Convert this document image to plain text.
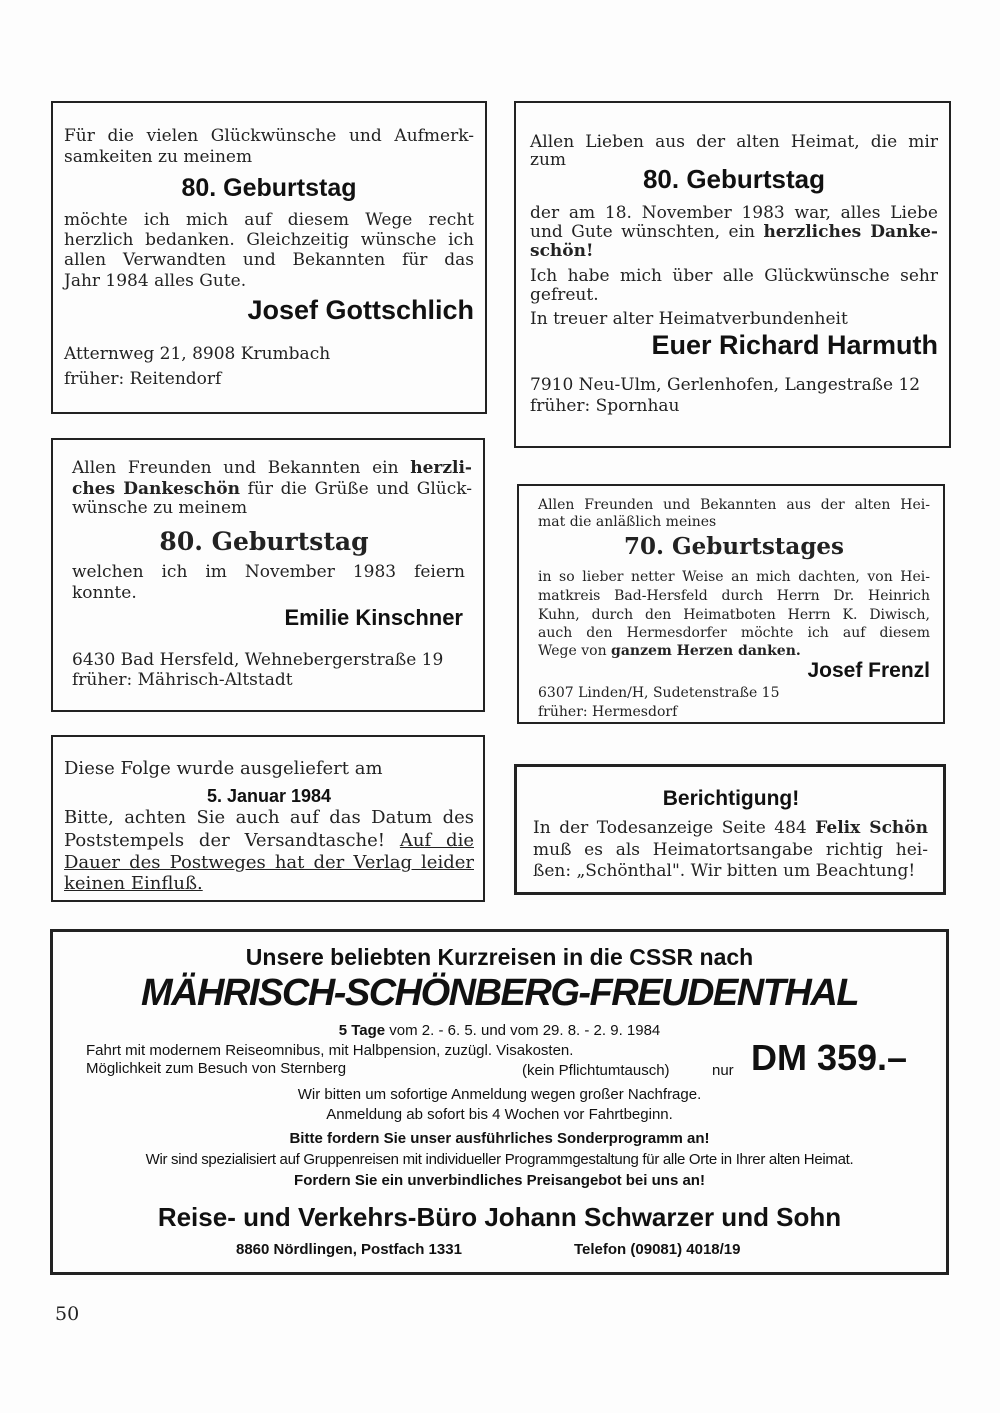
Für die vielen Glückwünsche und Aufmerk-
samkeiten zu meinem
80. Geburtstag
möchte ich mich auf diesem Wege recht
herzlich bedanken. Gleichzeitig wünsche ich
allen Verwandten und Bekannten für das
Jahr 1984 alles Gute.
Josef Gottschlich
Atternweg 21, 8908 Krumbach
früher: Reitendorf
Allen Lieben aus der alten Heimat, die mir
zum
80. Geburtstag
der am 18. November 1983 war, alles Liebe
und Gute wünschten, ein herzliches Danke-
schön!
Ich habe mich über alle Glückwünsche sehr
gefreut.
In treuer alter Heimatverbundenheit
Euer Richard Harmuth
7910 Neu-Ulm, Gerlenhofen, Langestraße 12
früher: Spornhau
Allen Freunden und Bekannten ein herzli-
ches Dankeschön für die Grüße und Glück-
wünsche zu meinem
80. Geburtstag
welchen ich im November 1983 feiern
konnte.
Emilie Kinschner
6430 Bad Hersfeld, Wehnebergerstraße 19
früher: Mährisch-Altstadt
Allen Freunden und Bekannten aus der alten Hei-
mat die anläßlich meines
70. Geburtstages
in so lieber netter Weise an mich dachten, von Hei-
matkreis Bad-Hersfeld durch Herrn Dr. Heinrich
Kuhn, durch den Heimatboten Herrn K. Diwisch,
auch den Hermesdorfer möchte ich auf diesem
Wege von ganzem Herzen danken.
Josef Frenzl
6307 Linden/H, Sudetenstraße 15
früher: Hermesdorf
Diese Folge wurde ausgeliefert am
5. Januar 1984
Bitte, achten Sie auch auf das Datum des
Poststempels der Versandtasche! Auf die
Dauer des Postweges hat der Verlag leider
keinen Einfluß.
Berichtigung!
In der Todesanzeige Seite 484 Felix Schön
muß es als Heimatortsangabe richtig hei-
ßen: „Schönthal". Wir bitten um Beachtung!
Unsere beliebten Kurzreisen in die CSSR nach
MÄHRISCH-SCHÖNBERG-FREUDENTHAL
5 Tage vom 2. - 6. 5. und vom 29. 8. - 2. 9. 1984
Fahrt mit modernem Reiseomnibus, mit Halbpension, zuzügl. Visakosten.
Möglichkeit zum Besuch von Sternberg	(kein Pflichtumtausch)	nur DM 359.–
Wir bitten um sofortige Anmeldung wegen großer Nachfrage.
Anmeldung ab sofort bis 4 Wochen vor Fahrtbeginn.
Bitte fordern Sie unser ausführliches Sonderprogramm an!
Wir sind spezialisiert auf Gruppenreisen mit individueller Programmgestaltung für alle Orte in Ihrer alten Heimat.
Fordern Sie ein unverbindliches Preisangebot bei uns an!
Reise- und Verkehrs-Büro Johann Schwarzer und Sohn
8860 Nördlingen, Postfach 1331	Telefon (09081) 4018/19
50
